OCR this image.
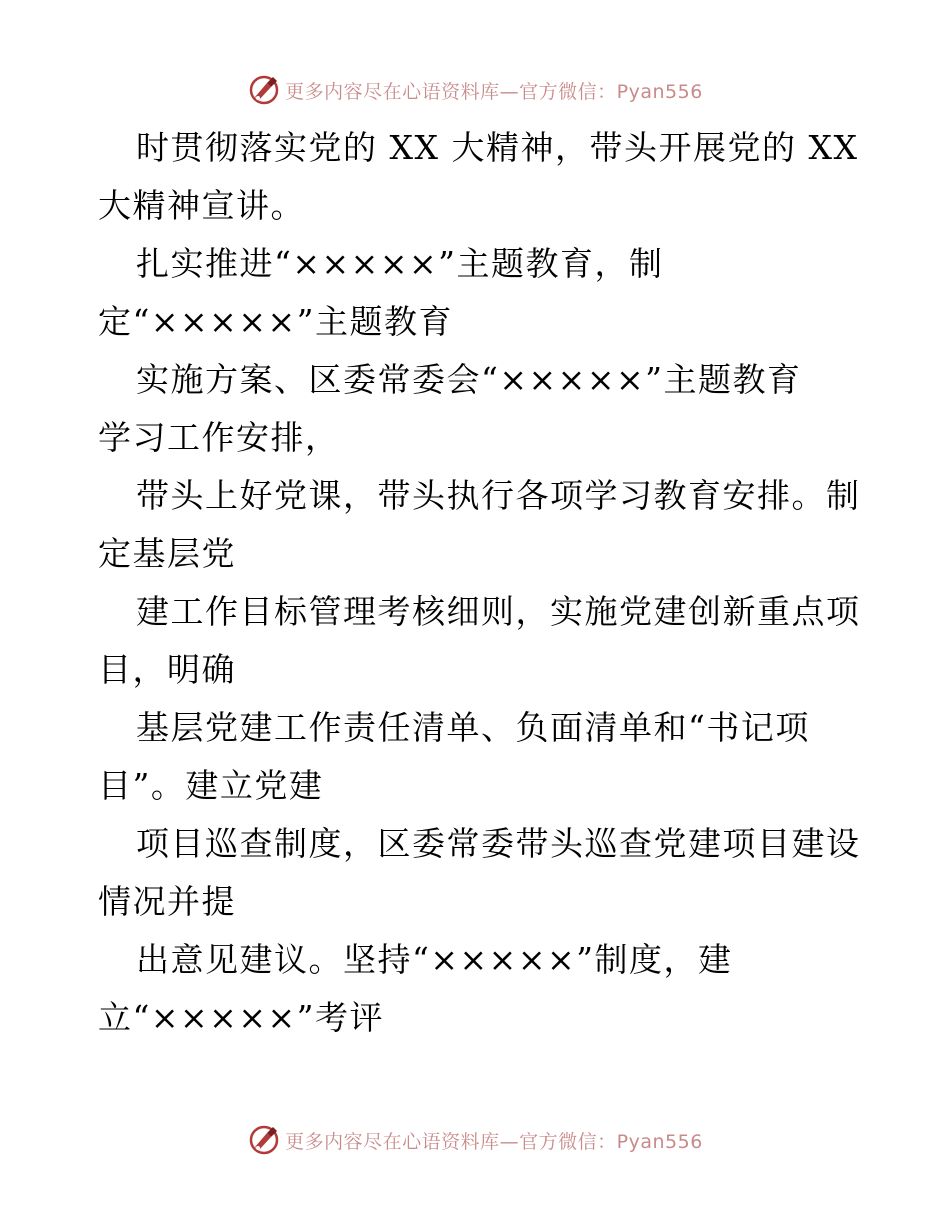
更多内容尽在心语资料库—官方微信：Pyan556
时贯彻落实党的 XX 大精神，带头开展党的 XX
大精神宣讲。
扎实推进“×××××”主题教育，制
定“×××××”主题教育
实施方案、区委常委会“×××××”主题教育
学习工作安排，
带头上好党课，带头执行各项学习教育安排。制
定基层党
建工作目标管理考核细则，实施党建创新重点项
目，明确
基层党建工作责任清单、负面清单和“书记项
目”。建立党建
项目巡查制度，区委常委带头巡查党建项目建设
情况并提
出意见建议。坚持“×××××”制度，建
立“×××××”考评
更多内容尽在心语资料库—官方微信：Pyan556
